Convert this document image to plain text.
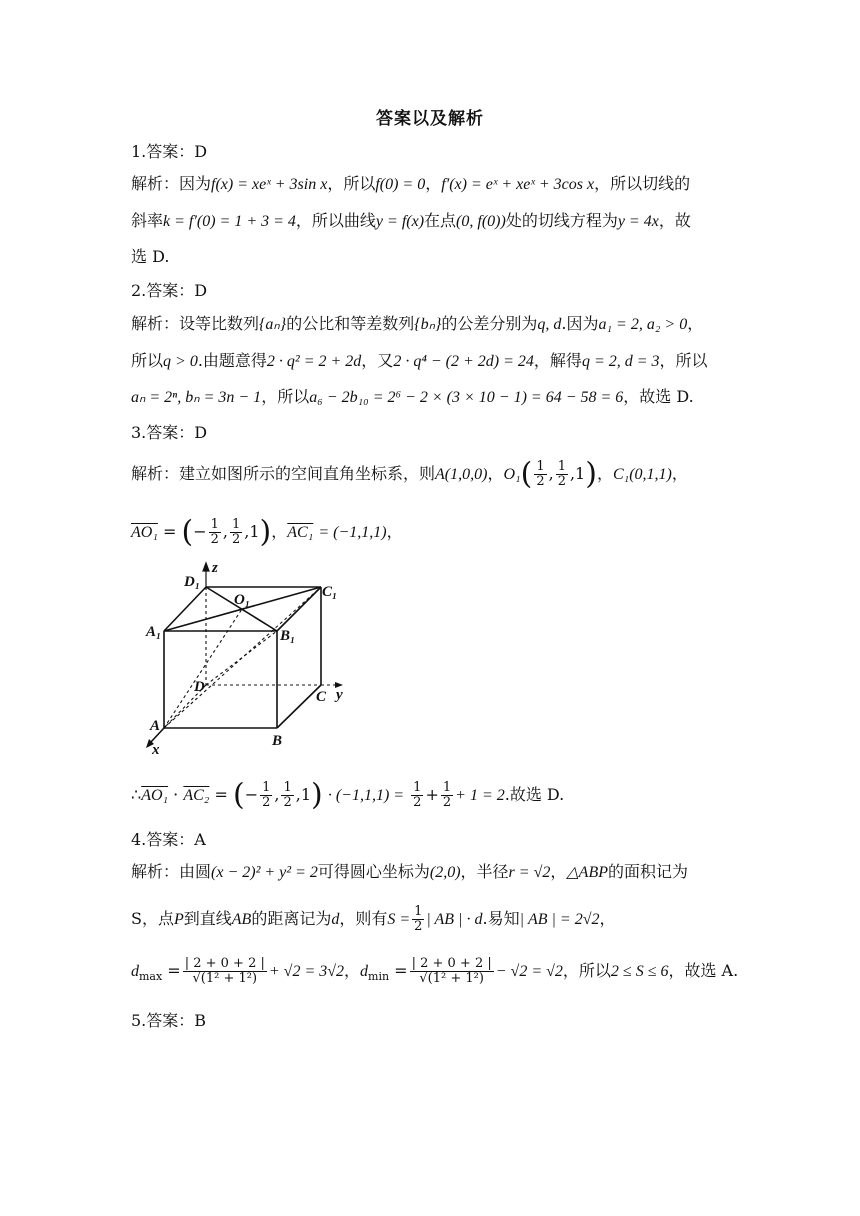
答案以及解析
1.答案：D
解析：因为f(x) = xeˣ + 3sin x，所以f(0) = 0，f′(x) = eˣ + xeˣ + 3cos x，所以切线的
斜率k = f′(0) = 1 + 3 = 4，所以曲线y = f(x)在点(0, f(0))处的切线方程为y = 4x，故
选 D.
2.答案：D
解析：设等比数列{aₙ}的公比和等差数列{bₙ}的公差分别为q, d.因为a₁ = 2, a₂ > 0，
所以q > 0.由题意得2 · q² = 2 + 2d，又2 · q⁴ − (2 + 2d) = 24，解得q = 2, d = 3，所以
aₙ = 2ⁿ, bₙ = 3n − 1，所以a₆ − 2b₁₀ = 2⁶ − 2 × (3 × 10 − 1) = 64 − 58 = 6，故选 D.
3.答案：D
解析：建立如图所示的空间直角坐标系，则A(1,0,0)，$O_1( \frac{1}{2}$ , $\frac{1}{2} ,1$)，C₁(0,1,1)，
AO₁ = (− $\frac{1}{2}$ , $\frac{1}{2} ,1$)，AC₁ = (−1,1,1)，
D₁
z
O₁	C₁
A₁	B₁
D
C y
A
B
x
∴AO₁ · AC₂ = (− $\frac{1}{2}$ , $\frac{1}{2} ,1) \cdot (-1,1,1) = \frac{1}{2} + \frac{1}{2} + 1 = 2$.故选 D.
4.答案：A
解析：由圆(x − 2)² + y² = 2可得圆心坐标为(2,0)，半径r = √2，△ABP的面积记为
S，点P到直线AB的距离记为d，则有$S = \frac{1}{2}$ | AB | · d.易知| AB | = 2√2，
$d_{max} = \frac{| 2 + 0 + 2 |}{\text{√(1² + 1²)}} + √2 = 3√2$，$d_{min} = \frac{| 2 + 0 + 2 |}{\text{√(1² + 1²)}} - √2 = √2$，所以2 ≤ S ≤ 6，故选 A.
5.答案：B
